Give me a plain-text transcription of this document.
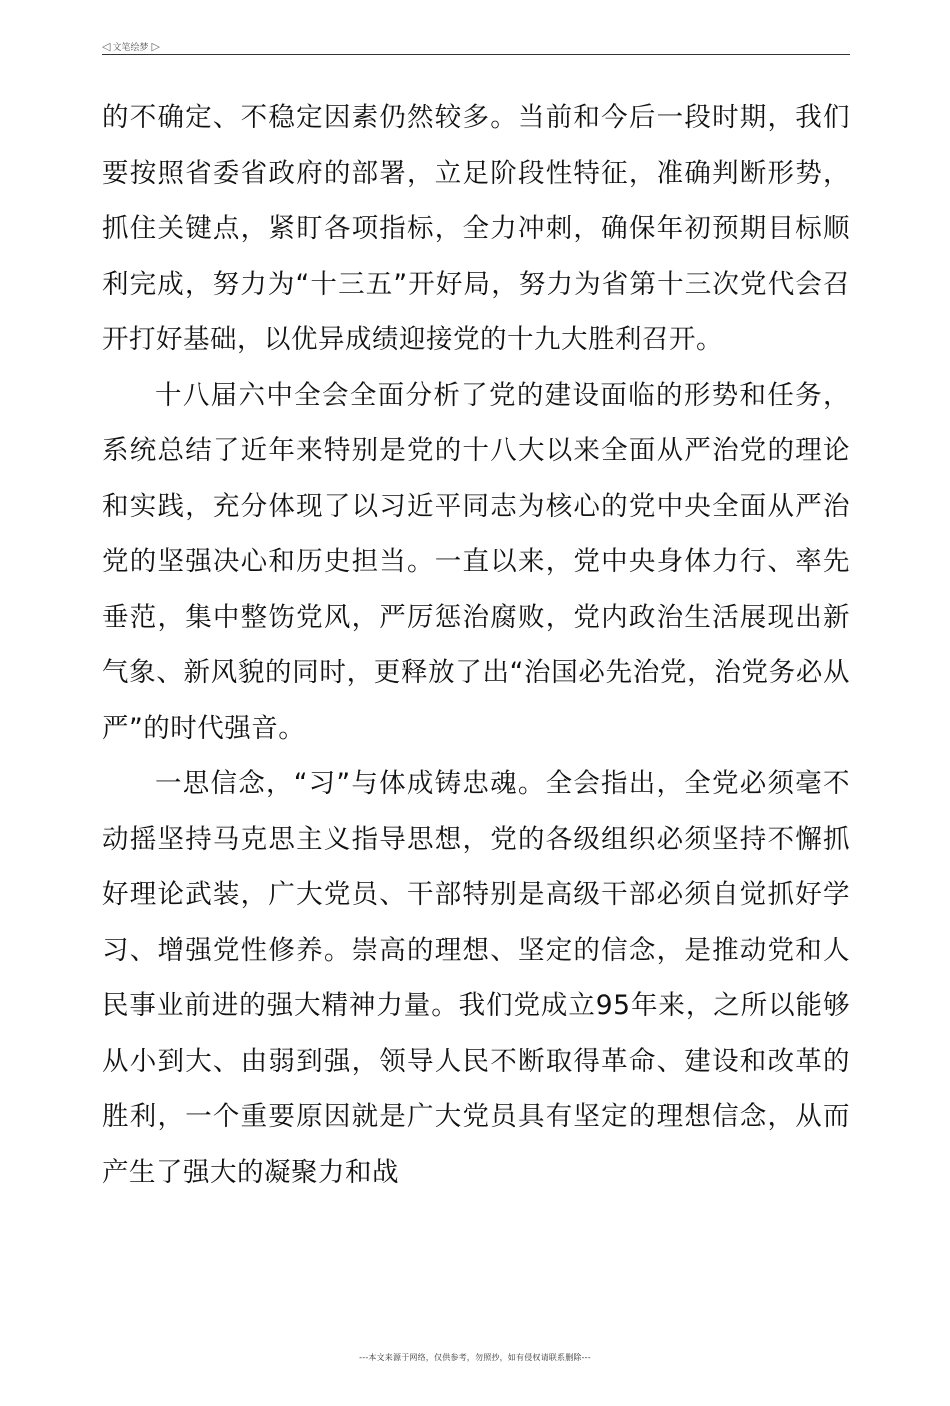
◁ 文笔绘梦 ▷

的不确定、不稳定因素仍然较多。当前和今后一段时期，我们要按照省委省政府的部署，立足阶段性特征，准确判断形势，抓住关键点，紧盯各项指标，全力冲刺，确保年初预期目标顺利完成，努力为“十三五”开好局，努力为省第十三次党代会召开打好基础，以优异成绩迎接党的十九大胜利召开。

十八届六中全会全面分析了党的建设面临的形势和任务，系统总结了近年来特别是党的十八大以来全面从严治党的理论和实践，充分体现了以习近平同志为核心的党中央全面从严治党的坚强决心和历史担当。一直以来，党中央身体力行、率先垂范，集中整饬党风，严厉惩治腐败，党内政治生活展现出新气象、新风貌的同时，更释放了出“治国必先治党，治党务必从严”的时代强音。

一思信念，“习”与体成铸忠魂。全会指出，全党必须毫不动摇坚持马克思主义指导思想，党的各级组织必须坚持不懈抓好理论武装，广大党员、干部特别是高级干部必须自觉抓好学习、增强党性修养。崇高的理想、坚定的信念，是推动党和人民事业前进的强大精神力量。我们党成立95年来，之所以能够从小到大、由弱到强，领导人民不断取得革命、建设和改革的胜利，一个重要原因就是广大党员具有坚定的理想信念，从而产生了强大的凝聚力和战

---本文来源于网络，仅供参考，勿照抄，如有侵权请联系删除---
